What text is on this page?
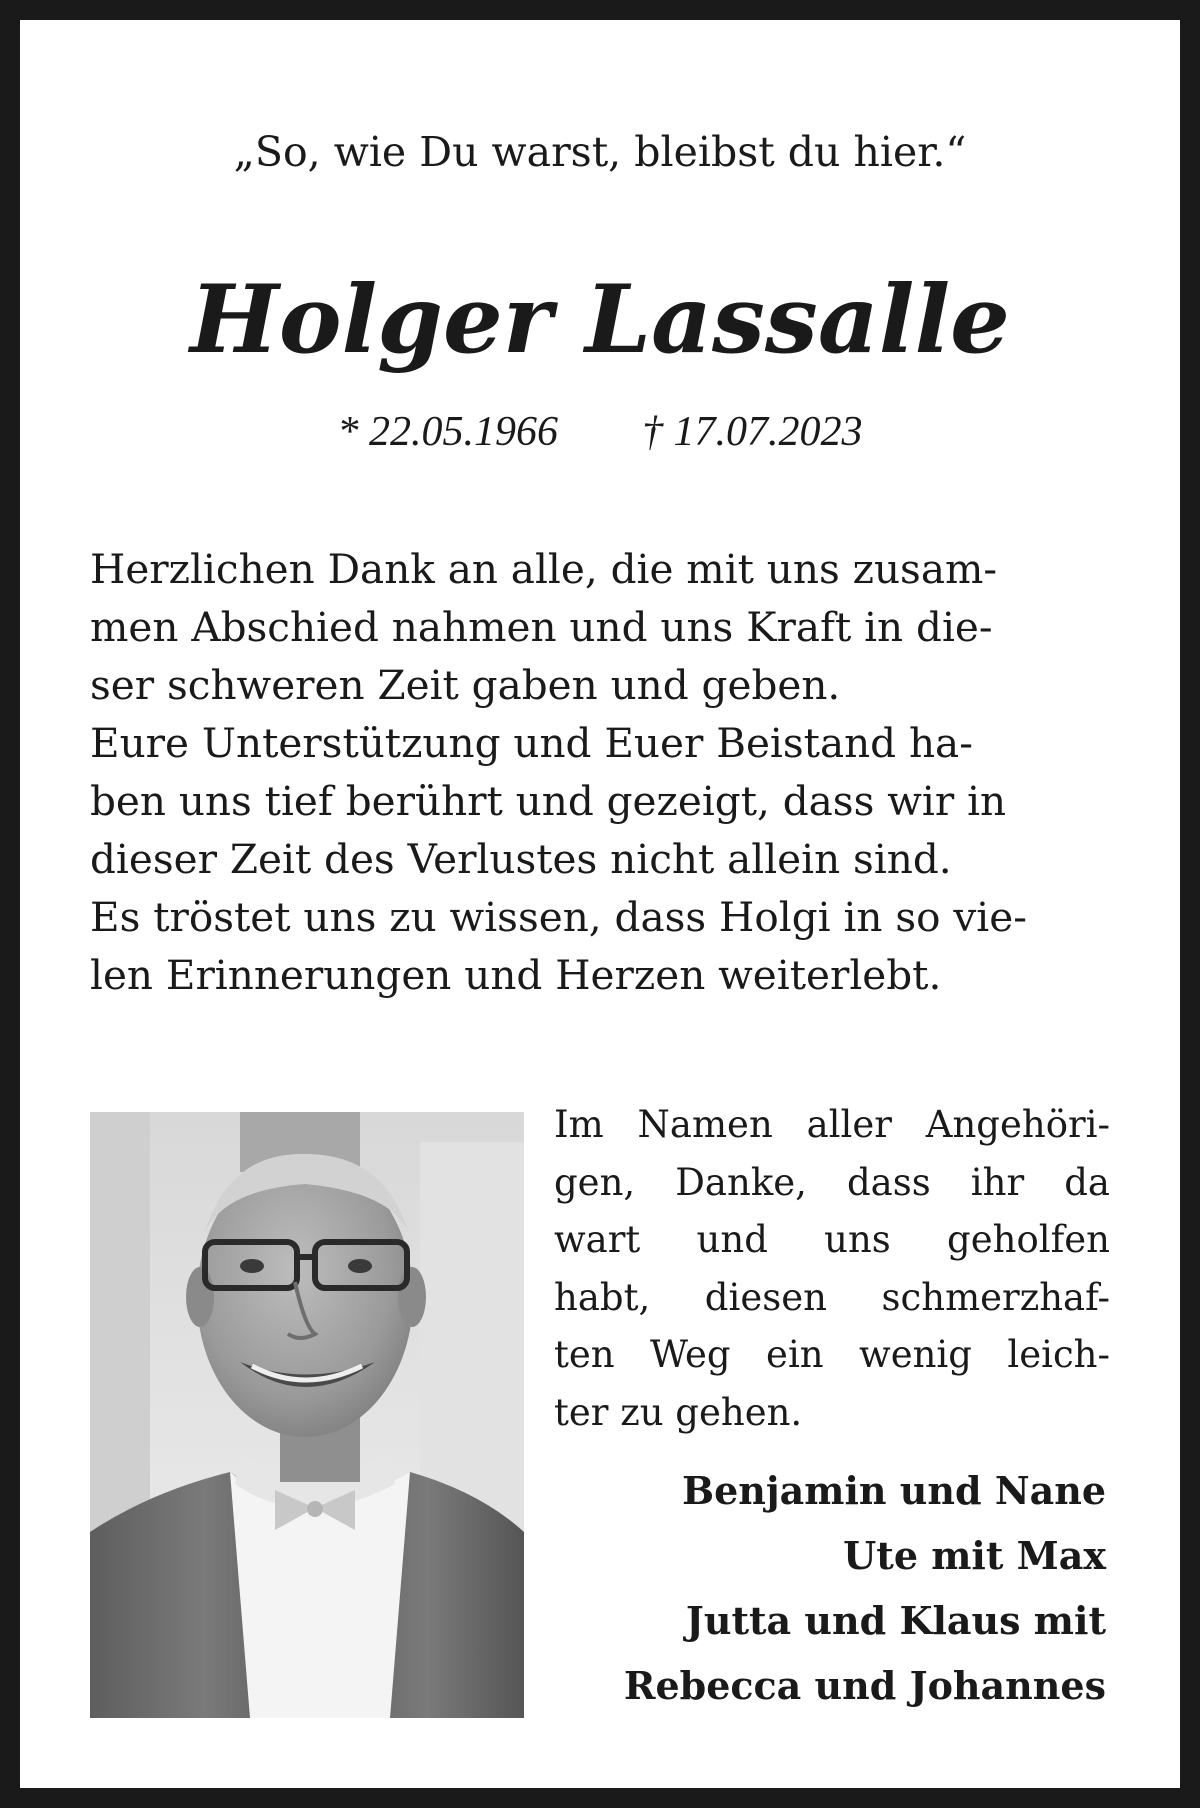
„So, wie Du warst, bleibst du hier.“
Holger Lassalle
* 22.05.1966 † 17.07.2023
Herzlichen Dank an alle, die mit uns zusam-
men Abschied nahmen und uns Kraft in die-
ser schweren Zeit gaben und geben.
Eure Unterstützung und Euer Beistand ha-
ben uns tief berührt und gezeigt, dass wir in
dieser Zeit des Verlustes nicht allein sind.
Es tröstet uns zu wissen, dass Holgi in so vie-
len Erinnerungen und Herzen weiterlebt.
Im Namen aller Angehöri-
gen, Danke, dass ihr da
wart und uns geholfen
habt, diesen schmerzhaf-
ten Weg ein wenig leich-
ter zu gehen.
Benjamin und Nane
Ute mit Max
Jutta und Klaus mit
Rebecca und Johannes
